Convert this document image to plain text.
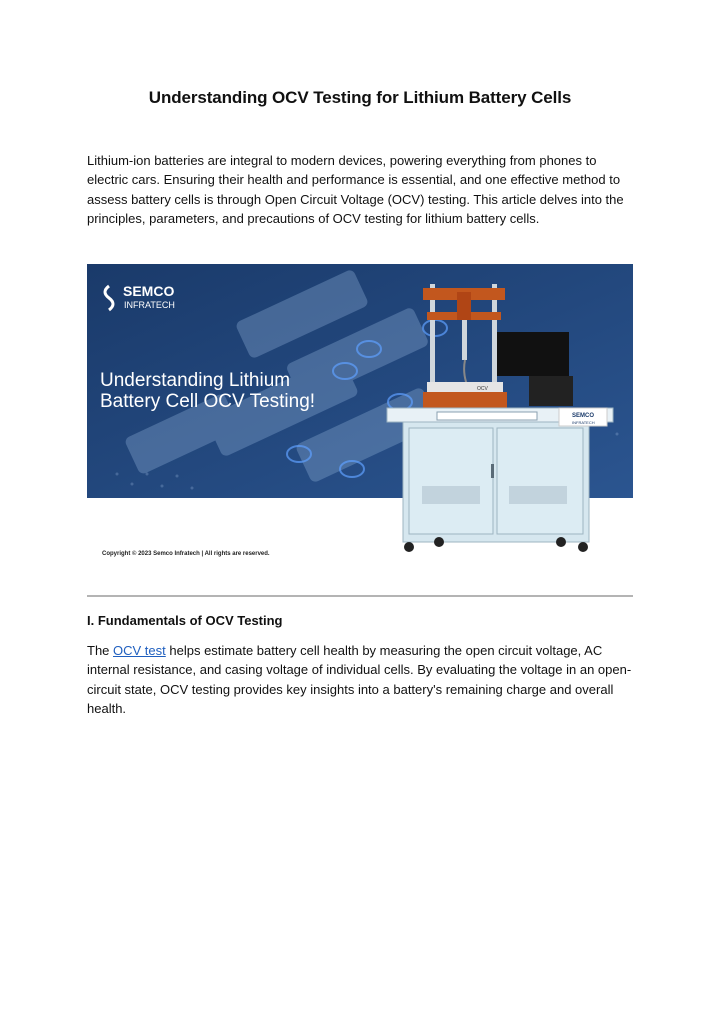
Understanding OCV Testing for Lithium Battery Cells
Lithium-ion batteries are integral to modern devices, powering everything from phones to electric cars. Ensuring their health and performance is essential, and one effective method to assess battery cells is through Open Circuit Voltage (OCV) testing. This article delves into the principles, parameters, and precautions of OCV testing for lithium battery cells.
SEMCO
INFRATECH
Understanding Lithium
Battery Cell OCV Testing!
OCV
SEMCO
INFRATECH
Copyright © 2023 Semco Infratech | All rights are reserved.
I. Fundamentals of OCV Testing
The OCV test helps estimate battery cell health by measuring the open circuit voltage, AC internal resistance, and casing voltage of individual cells. By evaluating the voltage in an open-circuit state, OCV testing provides key insights into a battery's remaining charge and overall health.
